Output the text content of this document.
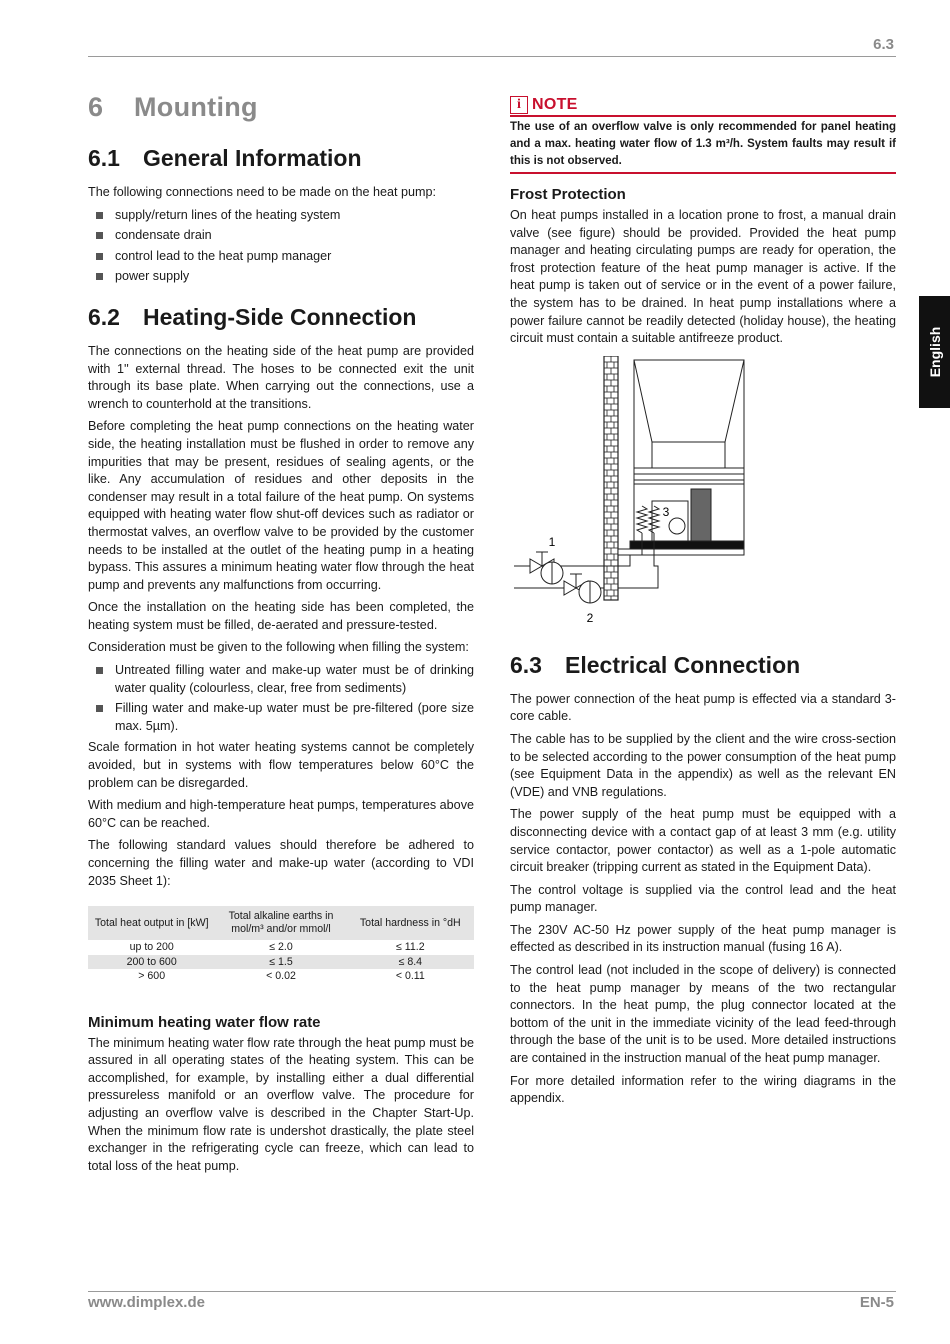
6.3
English
www.dimplex.de	EN-5
6 Mounting
6.1 General Information

The following connections need to be made on the heat pump:

supply/return lines of the heating system
condensate drain
control lead to the heat pump manager
power supply
6.2 Heating-Side Connection

The connections on the heating side of the heat pump are provided with 1'' external thread. The hoses to be connected exit the unit through its base plate. When carrying out the connections, use a wrench to counterhold at the transitions.

Before completing the heat pump connections on the heating water side, the heating installation must be flushed in order to remove any impurities that may be present, residues of sealing agents, or the like. Any accumulation of residues and other deposits in the condenser may result in a total failure of the heat pump. On systems equipped with heating water flow shut-off devices such as radiator or thermostat valves, an overflow valve to be provided by the customer needs to be installed at the outlet of the heating pump in a heating bypass. This assures a minimum heating water flow through the heat pump and prevents any malfunctions from occurring.

Once the installation on the heating side has been completed, the heating system must be filled, de-aerated and pressure-tested.

Consideration must be given to the following when filling the system:

Untreated filling water and make-up water must be of drinking water quality (colourless, clear, free from sediments)
Filling water and make-up water must be pre-filtered (pore size max. 5µm).

Scale formation in hot water heating systems cannot be completely avoided, but in systems with flow temperatures below 60°C the problem can be disregarded.

With medium and high-temperature heat pumps, temperatures above 60°C can be reached.

The following standard values should therefore be adhered to concerning the filling water and make-up water (according to VDI 2035 Sheet 1):

Total heat output in [kW]	Total alkaline earths in mol/m³ and/or mmol/l	Total hardness in °dH
up to 200	≤ 2.0	≤ 11.2
200 to 600	≤ 1.5	≤ 8.4
> 600	< 0.02	< 0.11
Minimum heating water flow rate

The minimum heating water flow rate through the heat pump must be assured in all operating states of the heating system. This can be accomplished, for example, by installing either a dual differential pressureless manifold or an overflow valve. The procedure for adjusting an overflow valve is described in the Chapter Start-Up. When the minimum flow rate is undershot drastically, the plate steel exchanger in the refrigerating cycle can freeze, which can lead to total loss of the heat pump.

i NOTE
The use of an overflow valve is only recommended for panel heating and a max. heating water flow of 1.3 m³/h. System faults may result if this is not observed.
Frost Protection

On heat pumps installed in a location prone to frost, a manual drain valve (see figure) should be provided. Provided the heat pump manager and heating circulating pumps are ready for operation, the frost protection feature of the heat pump manager is active. If the heat pump is taken out of service or in the event of a power failure, the system has to be drained. In heat pump installations where a power failure cannot be readily detected (holiday house), the heating circuit must contain a suitable antifreeze product.

1
2
3
6.3 Electrical Connection

The power connection of the heat pump is effected via a standard 3-core cable.

The cable has to be supplied by the client and the wire cross-section to be selected according to the power consumption of the heat pump (see Equipment Data in the appendix) as well as the relevant EN (VDE) and VNB regulations.

The power supply of the heat pump must be equipped with a disconnecting device with a contact gap of at least 3 mm (e.g. utility service contactor, power contactor) as well as a 1-pole automatic circuit breaker (tripping current as stated in the Equipment Data).

The control voltage is supplied via the control lead and the heat pump manager.

The 230V AC-50 Hz power supply of the heat pump manager is effected as described in its instruction manual (fusing 16 A).

The control lead (not included in the scope of delivery) is connected to the heat pump manager by means of the two rectangular connectors. In the heat pump, the plug connector located at the bottom of the unit in the immediate vicinity of the lead feed-through through the base of the unit is to be used. More detailed instructions are contained in the instruction manual of the heat pump manager.

For more detailed information refer to the wiring diagrams in the appendix.
